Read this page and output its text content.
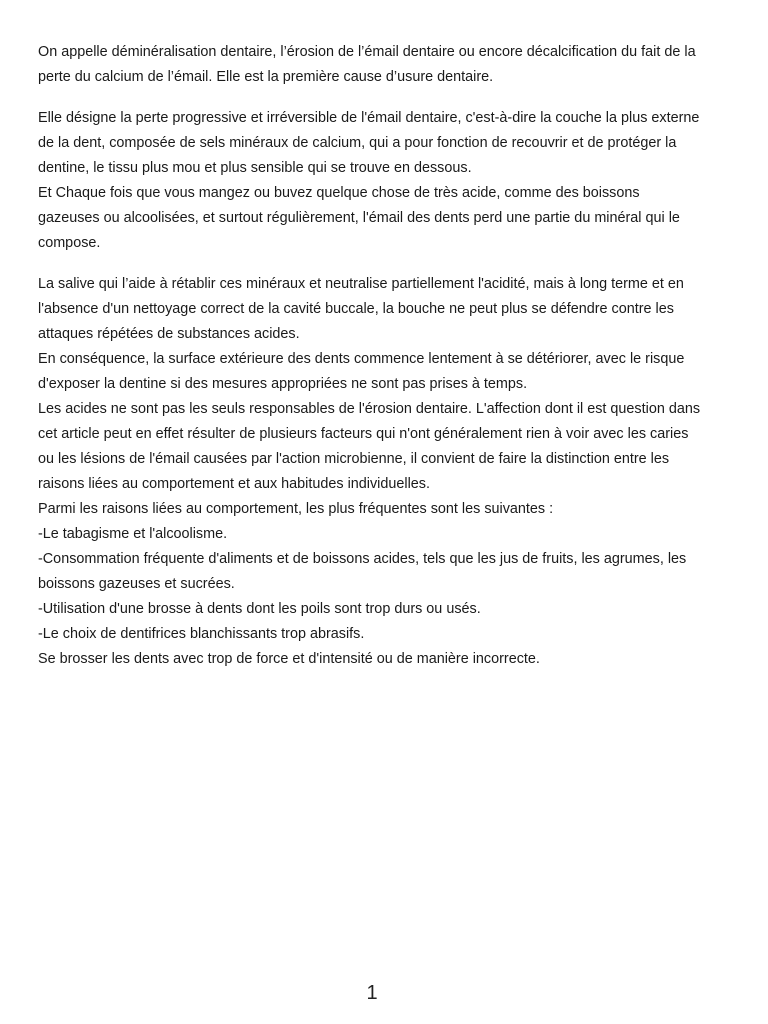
On appelle déminéralisation dentaire, l’érosion de l’émail dentaire ou encore décalcification du fait de la
perte du calcium de l’émail. Elle est la première cause d’usure dentaire.
Elle désigne la perte progressive et irréversible de l'émail dentaire, c'est-à-dire la couche la plus externe
de la dent, composée de sels minéraux de calcium, qui a pour fonction de recouvrir et de protéger la
dentine, le tissu plus mou et plus sensible qui se trouve en dessous.
Et Chaque fois que vous mangez ou buvez quelque chose de très acide, comme des boissons
gazeuses ou alcoolisées, et surtout régulièrement, l'émail des dents perd une partie du minéral qui le
compose.
La salive qui l’aide à rétablir ces minéraux et neutralise partiellement l'acidité, mais à long terme et en
l'absence d'un nettoyage correct de la cavité buccale, la bouche ne peut plus se défendre contre les
attaques répétées de substances acides.
En conséquence, la surface extérieure des dents commence lentement à se détériorer, avec le risque
d'exposer la dentine si des mesures appropriées ne sont pas prises à temps.
Les acides ne sont pas les seuls responsables de l'érosion dentaire. L'affection dont il est question dans
cet article peut en effet résulter de plusieurs facteurs qui n'ont généralement rien à voir avec les caries
ou les lésions de l'émail causées par l'action microbienne, il convient de faire la distinction entre les
raisons liées au comportement et aux habitudes individuelles.
Parmi les raisons liées au comportement, les plus fréquentes sont les suivantes :
-Le tabagisme et l'alcoolisme.
-Consommation fréquente d'aliments et de boissons acides, tels que les jus de fruits, les agrumes, les
boissons gazeuses et sucrées.
-Utilisation d'une brosse à dents dont les poils sont trop durs ou usés.
-Le choix de dentifrices blanchissants trop abrasifs.
Se brosser les dents avec trop de force et d'intensité ou de manière incorrecte.
1
